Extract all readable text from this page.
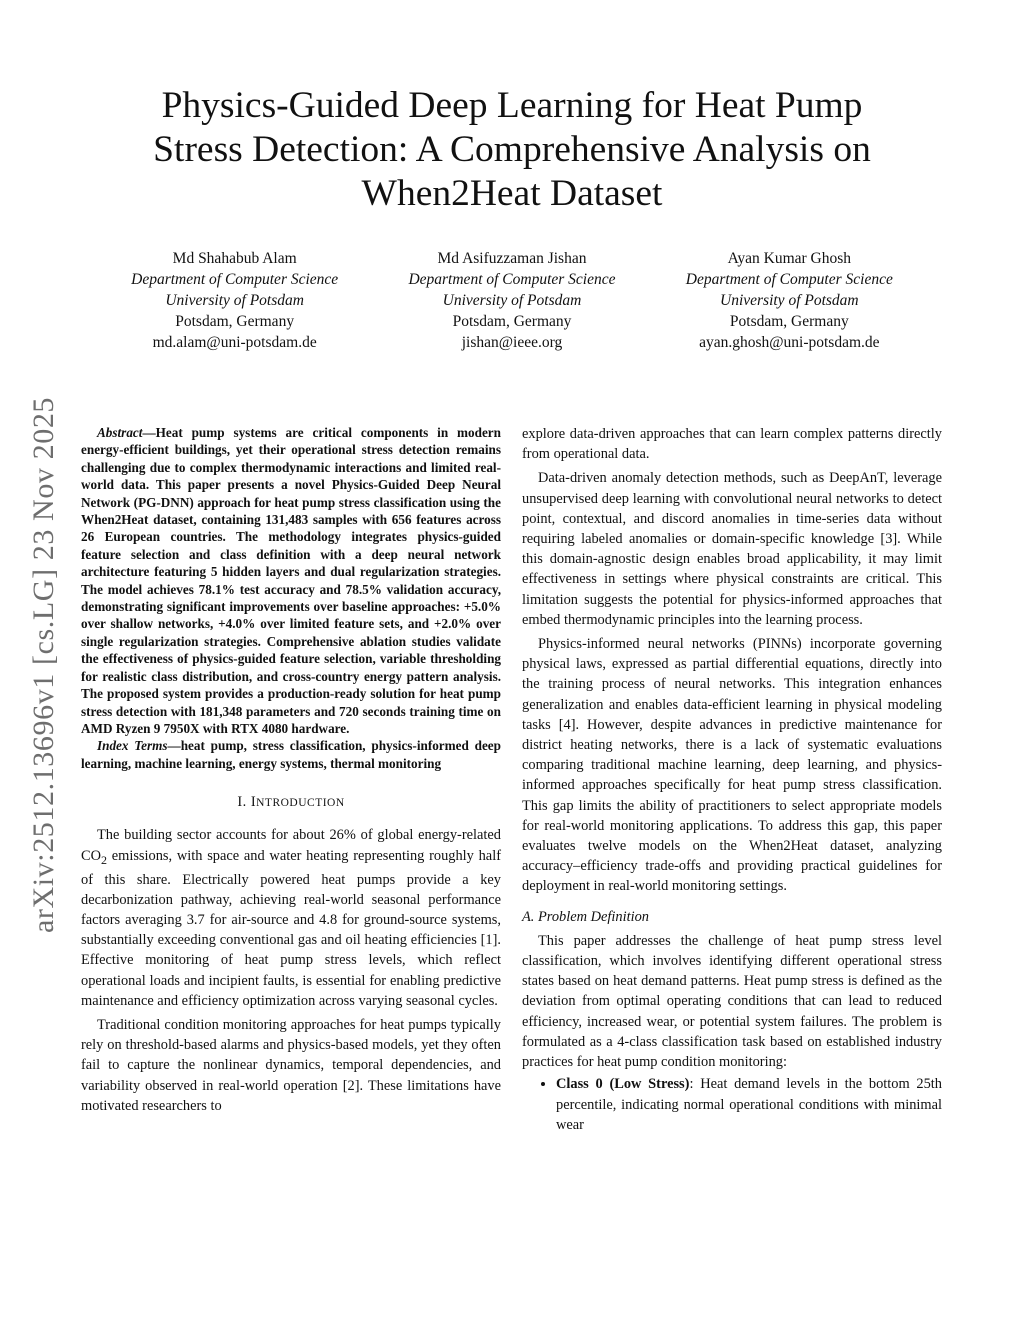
arXiv:2512.13696v1 [cs.LG] 23 Nov 2025
Physics-Guided Deep Learning for Heat Pump
Stress Detection: A Comprehensive Analysis on
When2Heat Dataset
Md Shahabub Alam
Department of Computer Science
University of Potsdam
Potsdam, Germany
md.alam@uni-potsdam.de
Md Asifuzzaman Jishan
Department of Computer Science
University of Potsdam
Potsdam, Germany
jishan@ieee.org
Ayan Kumar Ghosh
Department of Computer Science
University of Potsdam
Potsdam, Germany
ayan.ghosh@uni-potsdam.de

Abstract—Heat pump systems are critical components in modern energy-efficient buildings, yet their operational stress detection remains challenging due to complex thermodynamic interactions and limited real-world data. This paper presents a novel Physics-Guided Deep Neural Network (PG-DNN) approach for heat pump stress classification using the When2Heat dataset, containing 131,483 samples with 656 features across 26 European countries. The methodology integrates physics-guided feature selection and class definition with a deep neural network architecture featuring 5 hidden layers and dual regularization strategies. The model achieves 78.1% test accuracy and 78.5% validation accuracy, demonstrating significant improvements over baseline approaches: +5.0% over shallow networks, +4.0% over limited feature sets, and +2.0% over single regularization strategies. Comprehensive ablation studies validate the effectiveness of physics-guided feature selection, variable thresholding for realistic class distribution, and cross-country energy pattern analysis. The proposed system provides a production-ready solution for heat pump stress detection with 181,348 parameters and 720 seconds training time on AMD Ryzen 9 7950X with RTX 4080 hardware.

Index Terms—heat pump, stress classification, physics-informed deep learning, machine learning, energy systems, thermal monitoring

I. INTRODUCTION

The building sector accounts for about 26% of global energy-related $CO_2$ emissions, with space and water heating representing roughly half of this share. Electrically powered heat pumps provide a key decarbonization pathway, achieving real-world seasonal performance factors averaging 3.7 for air-source and 4.8 for ground-source systems, substantially exceeding conventional gas and oil heating efficiencies [1]. Effective monitoring of heat pump stress levels, which reflect operational loads and incipient faults, is essential for enabling predictive maintenance and efficiency optimization across varying seasonal cycles.

Traditional condition monitoring approaches for heat pumps typically rely on threshold-based alarms and physics-based models, yet they often fail to capture the nonlinear dynamics, temporal dependencies, and variability observed in real-world operation [2]. These limitations have motivated researchers to

explore data-driven approaches that can learn complex patterns directly from operational data.

Data-driven anomaly detection methods, such as DeepAnT, leverage unsupervised deep learning with convolutional neural networks to detect point, contextual, and discord anomalies in time-series data without requiring labeled anomalies or domain-specific knowledge [3]. While this domain-agnostic design enables broad applicability, it may limit effectiveness in settings where physical constraints are critical. This limitation suggests the potential for physics-informed approaches that embed thermodynamic principles into the learning process.

Physics-informed neural networks (PINNs) incorporate governing physical laws, expressed as partial differential equations, directly into the training process of neural networks. This integration enhances generalization and enables data-efficient learning in physical modeling tasks [4]. However, despite advances in predictive maintenance for district heating networks, there is a lack of systematic evaluations comparing traditional machine learning, deep learning, and physics-informed approaches specifically for heat pump stress classification. This gap limits the ability of practitioners to select appropriate models for real-world monitoring applications. To address this gap, this paper evaluates twelve models on the When2Heat dataset, analyzing accuracy–efficiency trade-offs and providing practical guidelines for deployment in real-world monitoring settings.

A. Problem Definition

This paper addresses the challenge of heat pump stress level classification, which involves identifying different operational stress states based on heat demand patterns. Heat pump stress is defined as the deviation from optimal operating conditions that can lead to reduced efficiency, increased wear, or potential system failures. The problem is formulated as a 4-class classification task based on established industry practices for heat pump condition monitoring:

• Class 0 (Low Stress): Heat demand levels in the bottom 25th percentile, indicating normal operational conditions with minimal wear
